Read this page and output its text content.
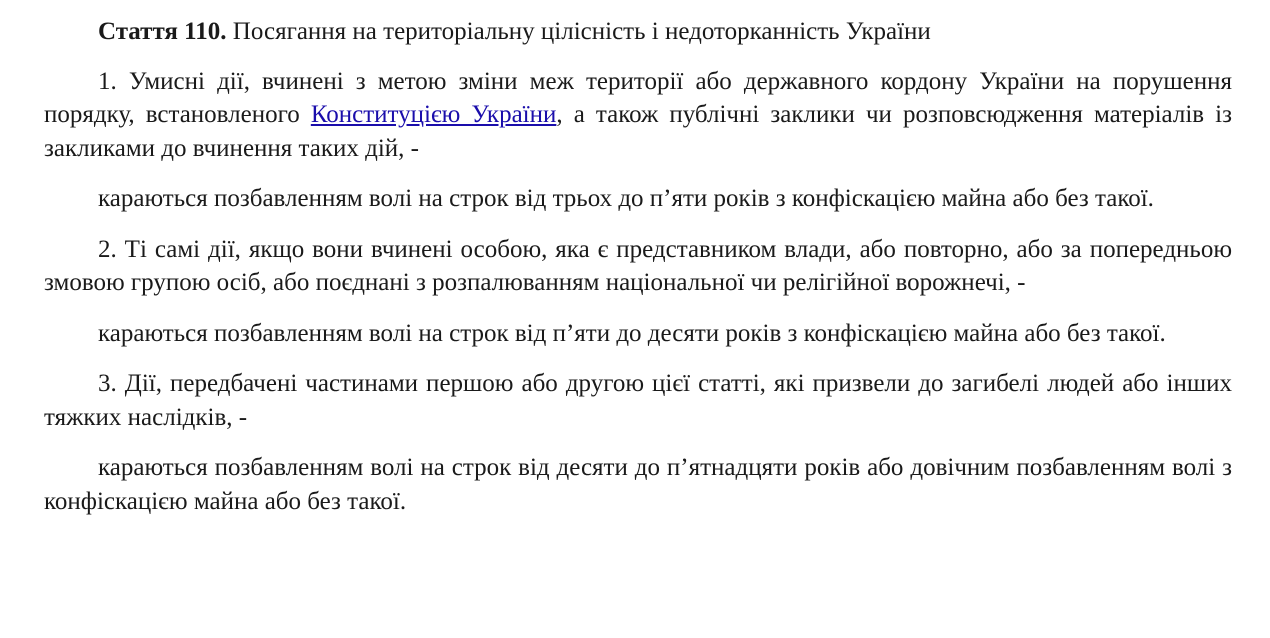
Стаття 110. Посягання на територіальну цілісність і недоторканність України

1. Умисні дії, вчинені з метою зміни меж території або державного кордону України на порушення порядку, встановленого Конституцією України, а також публічні заклики чи розповсюдження матеріалів із закликами до вчинення таких дій, -

караються позбавленням волі на строк від трьох до п’яти років з конфіскацією майна або без такої.

2. Ті самі дії, якщо вони вчинені особою, яка є представником влади, або повторно, або за попередньою змовою групою осіб, або поєднані з розпалюванням національної чи релігійної ворожнечі, -

караються позбавленням волі на строк від п’яти до десяти років з конфіскацією майна або без такої.

3. Дії, передбачені частинами першою або другою цієї статті, які призвели до загибелі людей або інших тяжких наслідків, -

караються позбавленням волі на строк від десяти до п’ятнадцяти років або довічним позбавленням волі з конфіскацією майна або без такої.
